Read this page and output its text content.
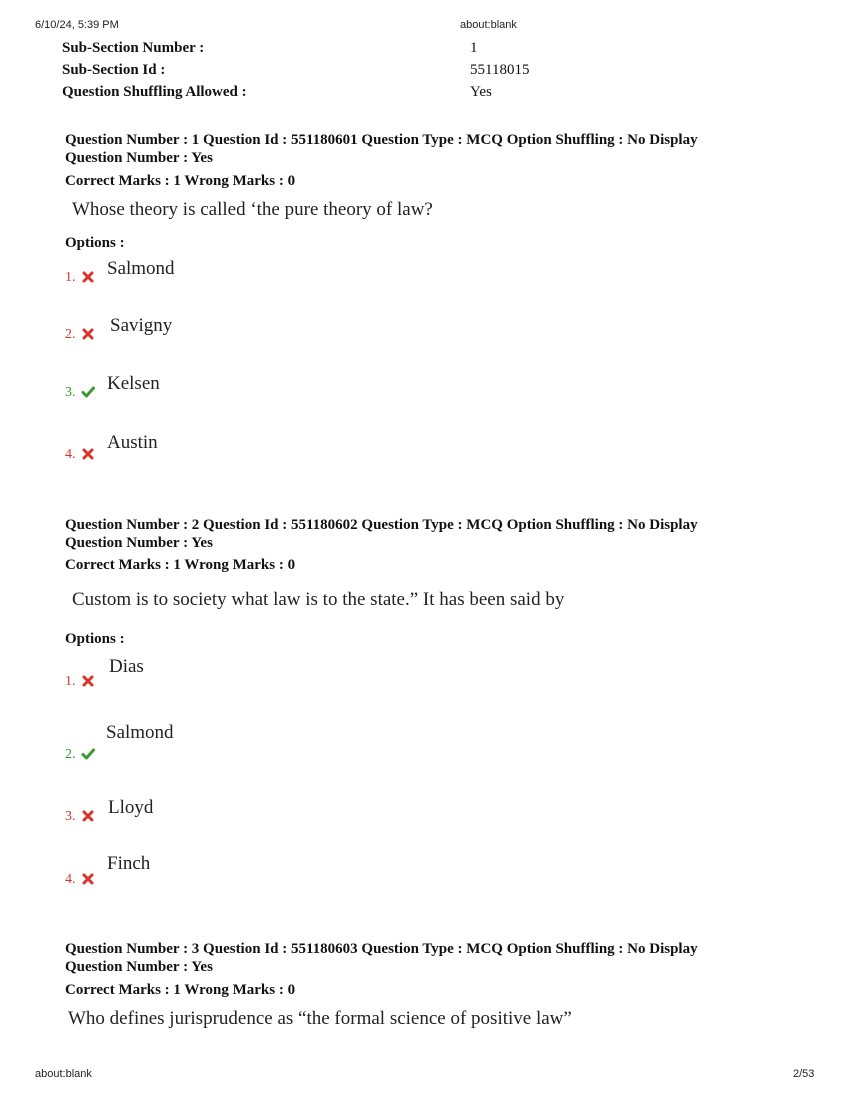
6/10/24, 5:39 PM	about:blank
Sub-Section Number :	1
Sub-Section Id :	55118015
Question Shuffling Allowed :	Yes
Question Number : 1 Question Id : 551180601 Question Type : MCQ Option Shuffling : No Display
Question Number : Yes
Correct Marks : 1 Wrong Marks : 0
Whose theory is called ‘the pure theory of law?
Options :
1.	Salmond
2.	Savigny
3.	Kelsen
4.
Austin
Question Number : 2 Question Id : 551180602 Question Type : MCQ Option Shuffling : No Display
Question Number : Yes
Correct Marks : 1 Wrong Marks : 0
Custom is to society what law is to the state.” It has been said by
Options :
1.
Dias
Salmond
2.
3.	Lloyd
4.
Finch
Question Number : 3 Question Id : 551180603 Question Type : MCQ Option Shuffling : No Display
Question Number : Yes
Correct Marks : 1 Wrong Marks : 0
Who defines jurisprudence as “the formal science of positive law”
about:blank	2/53
